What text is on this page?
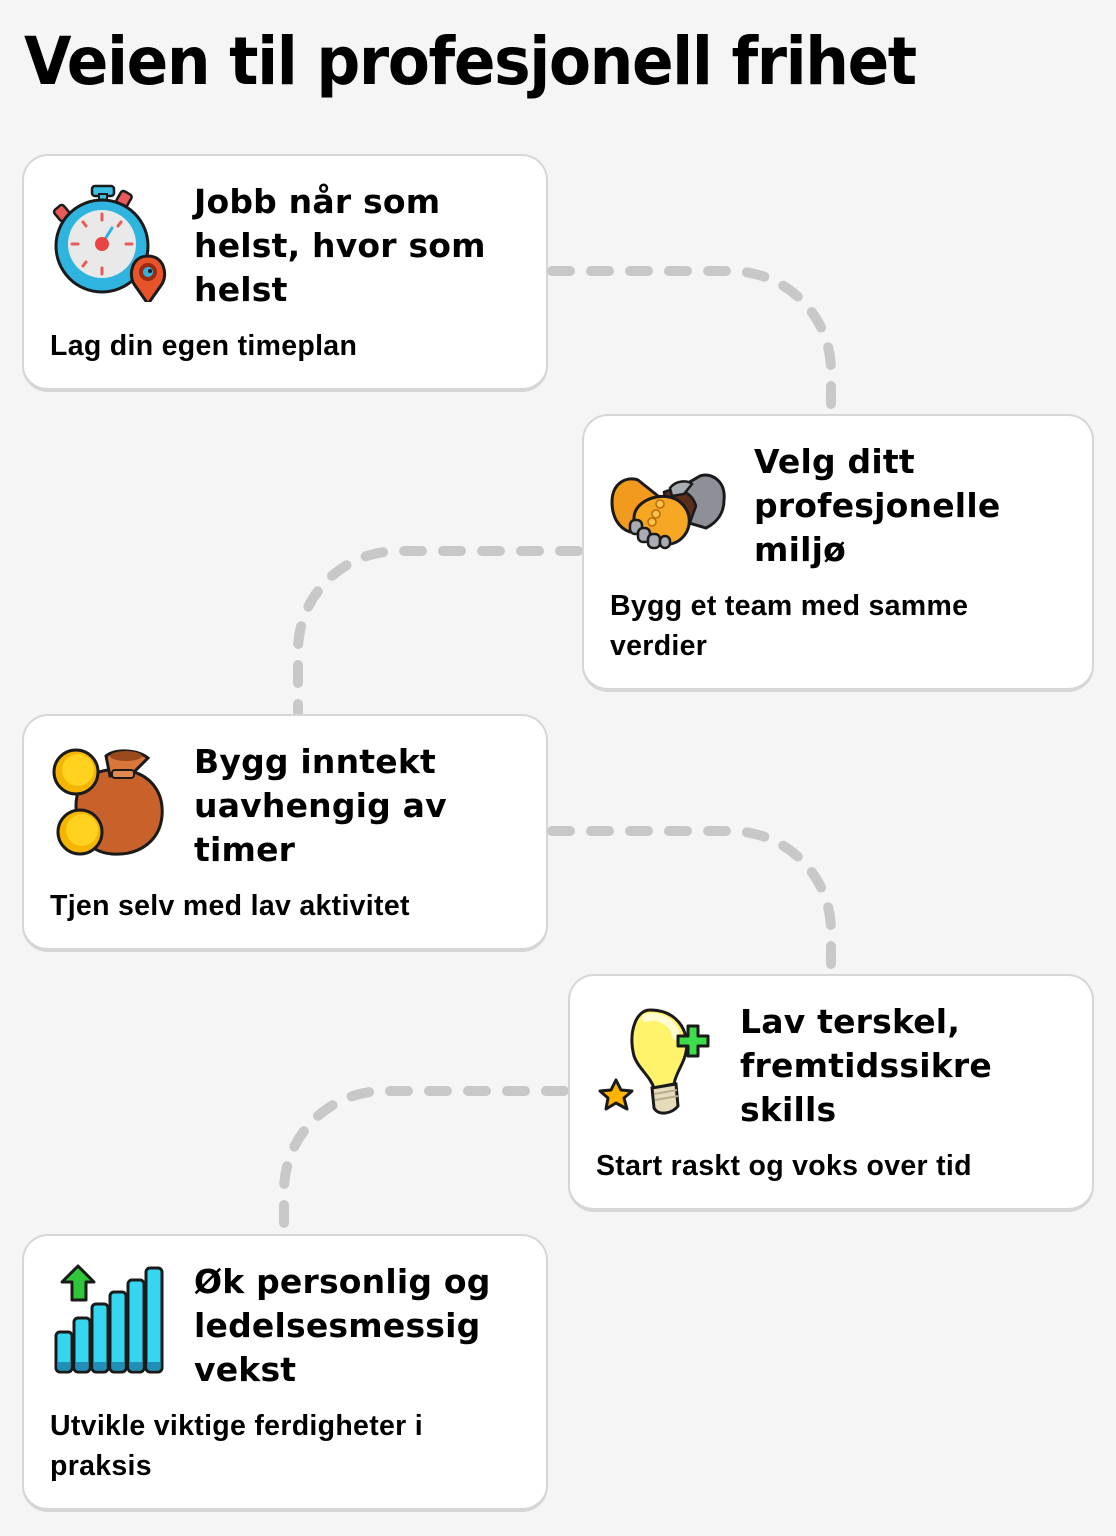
Veien til profesjonell frihet
Jobb når som helst, hvor som helst

Lag din egen timeplan

Velg ditt profesjonelle miljø

Bygg et team med samme verdier

Bygg inntekt uavhengig av timer

Tjen selv med lav aktivitet

Lav terskel, fremtidssikre skills

Start raskt og voks over tid

Øk personlig og ledelsesmessig vekst

Utvikle viktige ferdigheter i praksis
